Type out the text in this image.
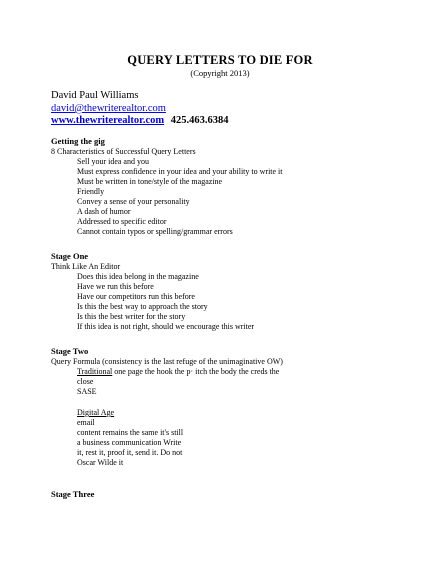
QUERY LETTERS TO DIE FOR
(Copyright 2013)
David Paul Williams
david@thewriterealtor.com
www.thewriterealtor.com 425.463.6384
Getting the gig
8 Characteristics of Successful Query Letters
Sell your idea and you
Must express confidence in your idea and your ability to write it
Must be written in tone/style of the magazine
Friendly
Convey a sense of your personality
A dash of humor
Addressed to specific editor
Cannot contain typos or spelling/grammar errors
Stage One
Think Like An Editor
Does this idea belong in the magazine
Have we run this before
Have our competitors run this before
Is this the best way to approach the story
Is this the best writer for the story
If this idea is not right, should we encourage this writer
Stage Two
Query Formula (consistency is the last refuge of the unimaginative OW)
Traditional one page the hook the p· itch the body the creds the
close
SASE
Digital Age
email
content remains the same it's still
a business communication Write
it, rest it, proof it, send it. Do not
Oscar Wilde it
Stage Three
